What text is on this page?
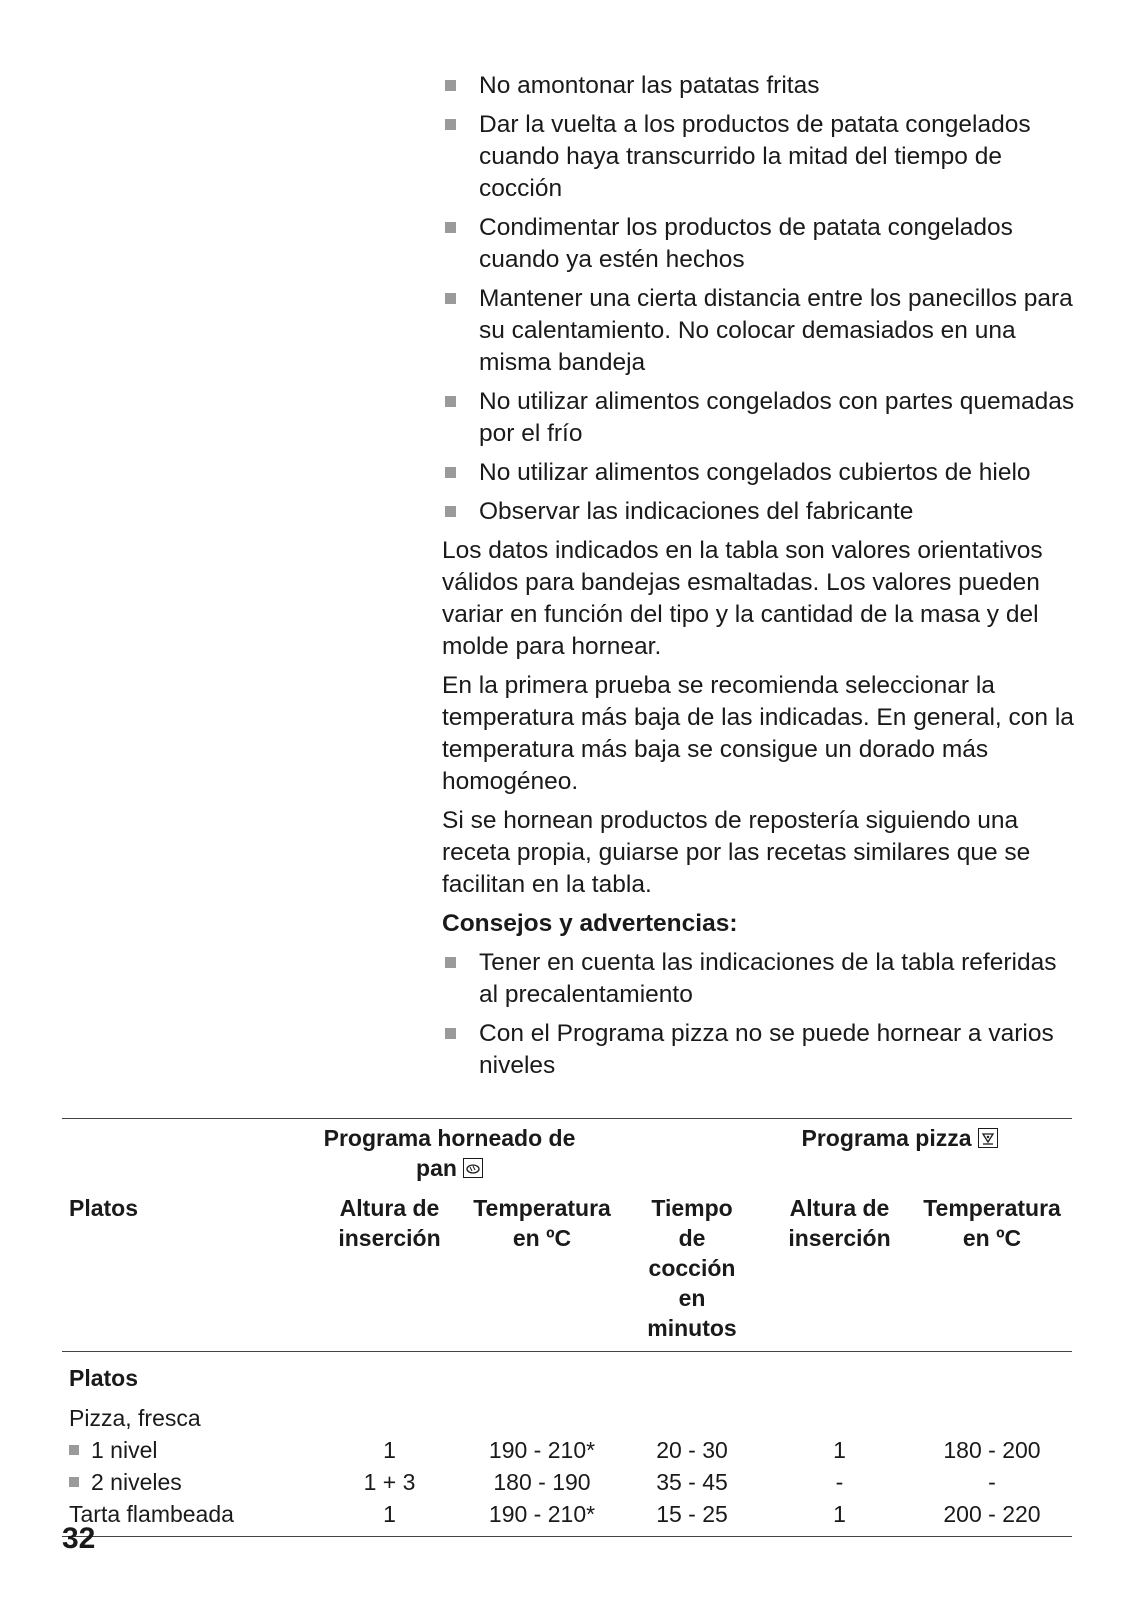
No amontonar las patatas fritas
Dar la vuelta a los productos de patata congelados cuando haya transcurrido la mitad del tiempo de cocción
Condimentar los productos de patata congelados cuando ya estén hechos
Mantener una cierta distancia entre los panecillos para su calentamiento. No colocar demasiados en una misma bandeja
No utilizar alimentos congelados con partes quemadas por el frío
No utilizar alimentos congelados cubiertos de hielo
Observar las indicaciones del fabricante

Los datos indicados en la tabla son valores orientativos válidos para bandejas esmaltadas. Los valores pueden variar en función del tipo y la cantidad de la masa y del molde para hornear.

En la primera prueba se recomienda seleccionar la temperatura más baja de las indicadas. En general, con la temperatura más baja se consigue un dorado más homogéneo.

Si se hornean productos de repostería siguiendo una receta propia, guiarse por las recetas similares que se facilitan en la tabla.

Consejos y advertencias:

Tener en cuenta las indicaciones de la tabla referidas al precalentamiento
Con el Programa pizza no se puede hornear a varios niveles

	Programa horneado de pan			Programa pizza	

Platos	Altura de inserción	Temperatura en ºC	Tiempo de cocción en minutos	Altura de inserción	Temperatura en ºC

Platos					

Pizza, fresca					
1 nivel	1	190 - 210*	20 - 30	1	180 - 200
2 niveles	1 + 3	180 - 190	35 - 45	-	-
Tarta flambeada	1	190 - 210*	15 - 25	1	200 - 220

32
